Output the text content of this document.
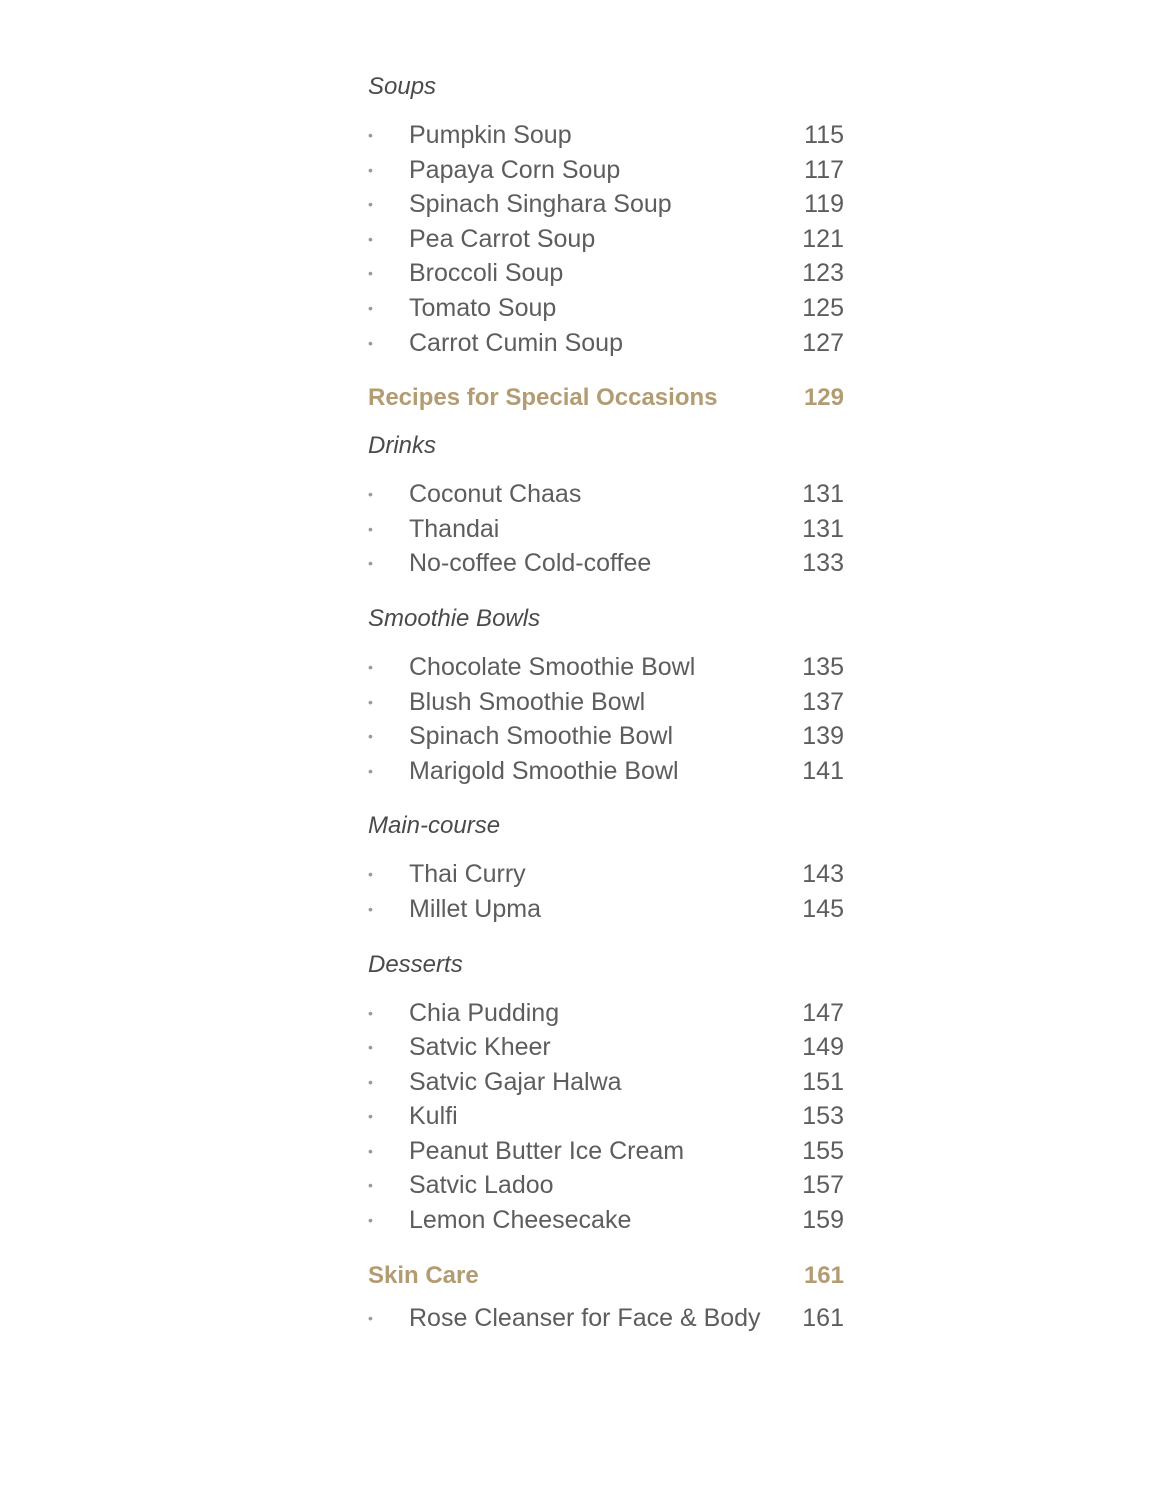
Soups
• Pumpkin Soup	115
• Papaya Corn Soup	117
• Spinach Singhara Soup	119
• Pea Carrot Soup	121
• Broccoli Soup	123
• Tomato Soup	125
• Carrot Cumin Soup	127
Recipes for Special Occasions	129
Drinks
• Coconut Chaas	131
• Thandai	131
• No-coffee Cold-coffee	133
Smoothie Bowls
• Chocolate Smoothie Bowl	135
• Blush Smoothie Bowl	137
• Spinach Smoothie Bowl	139
• Marigold Smoothie Bowl	141
Main-course
• Thai Curry	143
• Millet Upma	145
Desserts
• Chia Pudding	147
• Satvic Kheer	149
• Satvic Gajar Halwa	151
• Kulfi	153
• Peanut Butter Ice Cream	155
• Satvic Ladoo	157
• Lemon Cheesecake	159
Skin Care	161
• Rose Cleanser for Face & Body 161
